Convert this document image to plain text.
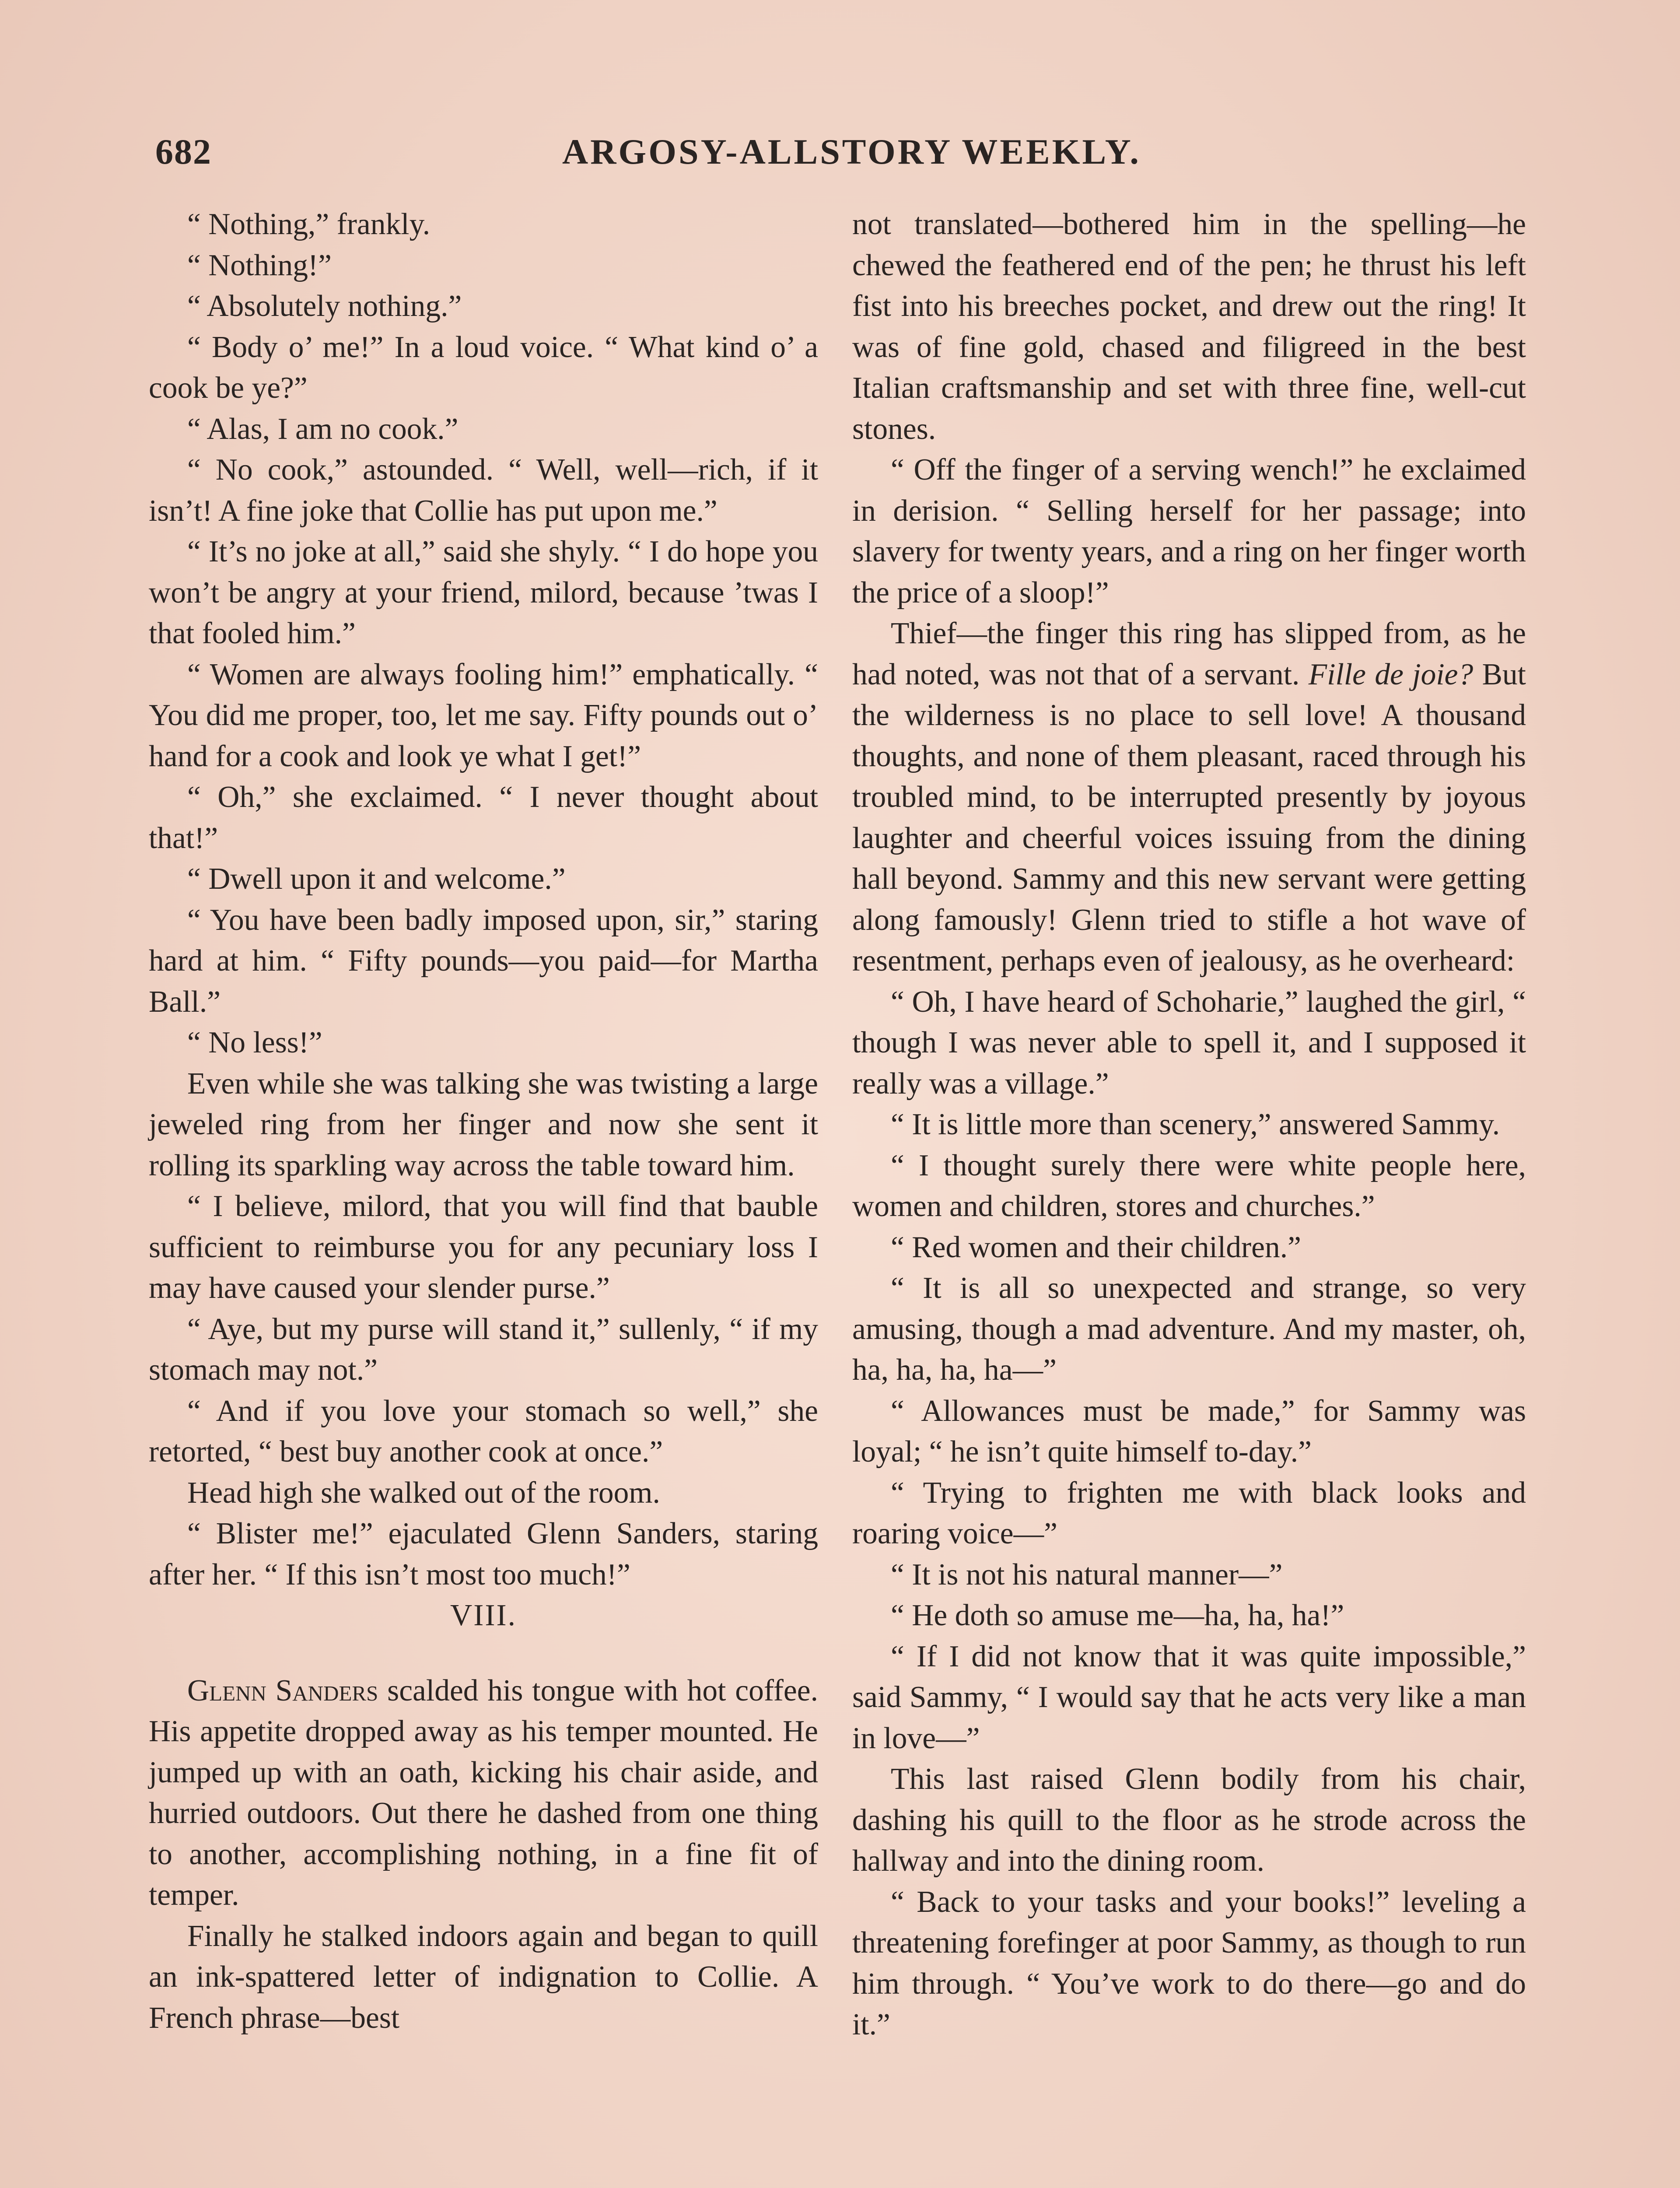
682	ARGOSY-ALLSTORY WEEKLY.

“ Nothing,” frankly.

“ Nothing!”

“ Absolutely nothing.”

“ Body o’ me!” In a loud voice. “ What kind o’ a cook be ye?”

“ Alas, I am no cook.”

“ No cook,” astounded. “ Well, well—rich, if it isn’t! A fine joke that Collie has put upon me.”

“ It’s no joke at all,” said she shyly. “ I do hope you won’t be angry at your friend, milord, because ’twas I that fooled him.”

“ Women are always fooling him!” emphatically. “ You did me proper, too, let me say. Fifty pounds out o’ hand for a cook and look ye what I get!”

“ Oh,” she exclaimed. “ I never thought about that!”

“ Dwell upon it and welcome.”

“ You have been badly imposed upon, sir,” staring hard at him. “ Fifty pounds—you paid—for Martha Ball.”

“ No less!”

Even while she was talking she was twisting a large jeweled ring from her finger and now she sent it rolling its sparkling way across the table toward him.

“ I believe, milord, that you will find that bauble sufficient to reimburse you for any pecuniary loss I may have caused your slender purse.”

“ Aye, but my purse will stand it,” sullenly, “ if my stomach may not.”

“ And if you love your stomach so well,” she retorted, “ best buy another cook at once.”

Head high she walked out of the room.

“ Blister me!” ejaculated Glenn Sanders, staring after her. “ If this isn’t most too much!”

VIII.

Glenn Sanders scalded his tongue with hot coffee. His appetite dropped away as his temper mounted. He jumped up with an oath, kicking his chair aside, and hurried outdoors. Out there he dashed from one thing to another, accomplishing nothing, in a fine fit of temper.

Finally he stalked indoors again and began to quill an ink-spattered letter of indignation to Collie. A French phrase—best

not translated—bothered him in the spelling—he chewed the feathered end of the pen; he thrust his left fist into his breeches pocket, and drew out the ring! It was of fine gold, chased and filigreed in the best Italian craftsmanship and set with three fine, well-cut stones.

“ Off the finger of a serving wench!” he exclaimed in derision. “ Selling herself for her passage; into slavery for twenty years, and a ring on her finger worth the price of a sloop!”

Thief—the finger this ring has slipped from, as he had noted, was not that of a servant. Fille de joie? But the wilderness is no place to sell love! A thousand thoughts, and none of them pleasant, raced through his troubled mind, to be interrupted presently by joyous laughter and cheerful voices issuing from the dining hall beyond. Sammy and this new servant were getting along famously! Glenn tried to stifle a hot wave of resentment, perhaps even of jealousy, as he overheard:

“ Oh, I have heard of Schoharie,” laughed the girl, “ though I was never able to spell it, and I supposed it really was a village.”

“ It is little more than scenery,” answered Sammy.

“ I thought surely there were white people here, women and children, stores and churches.”

“ Red women and their children.”

“ It is all so unexpected and strange, so very amusing, though a mad adventure. And my master, oh, ha, ha, ha, ha—”

“ Allowances must be made,” for Sammy was loyal; “ he isn’t quite himself to-day.”

“ Trying to frighten me with black looks and roaring voice—”

“ It is not his natural manner—”

“ He doth so amuse me—ha, ha, ha!”

“ If I did not know that it was quite impossible,” said Sammy, “ I would say that he acts very like a man in love—”

This last raised Glenn bodily from his chair, dashing his quill to the floor as he strode across the hallway and into the dining room.

“ Back to your tasks and your books!” leveling a threatening forefinger at poor Sammy, as though to run him through. “ You’ve work to do there—go and do it.”
